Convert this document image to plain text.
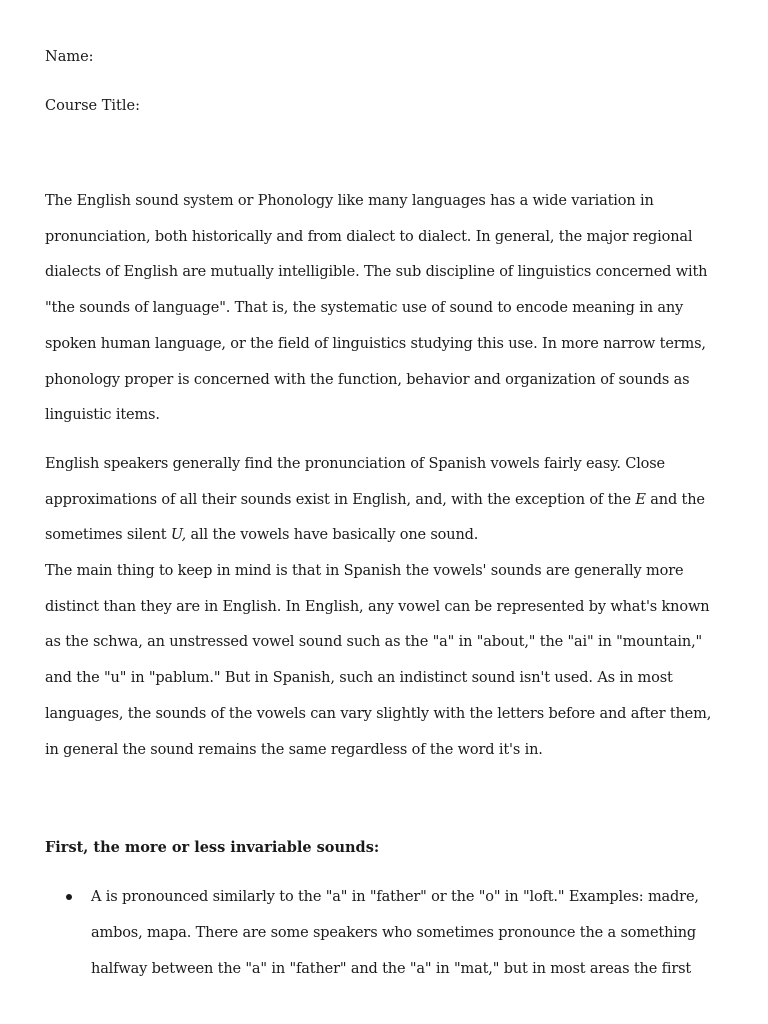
Name:
Course Title:
The English sound system or Phonology like many languages has a wide variation in pronunciation, both historically and from dialect to dialect. In general, the major regional dialects of English are mutually intelligible. The sub discipline of linguistics concerned with "the sounds of language". That is, the systematic use of sound to encode meaning in any spoken human language, or the field of linguistics studying this use. In more narrow terms, phonology proper is concerned with the function, behavior and organization of sounds as linguistic items.
English speakers generally find the pronunciation of Spanish vowels fairly easy. Close approximations of all their sounds exist in English, and, with the exception of the E and the sometimes silent U, all the vowels have basically one sound.
The main thing to keep in mind is that in Spanish the vowels' sounds are generally more distinct than they are in English. In English, any vowel can be represented by what's known as the schwa, an unstressed vowel sound such as the "a" in "about," the "ai" in "mountain," and the "u" in "pablum." But in Spanish, such an indistinct sound isn't used. As in most languages, the sounds of the vowels can vary slightly with the letters before and after them, in general the sound remains the same regardless of the word it's in.
First, the more or less invariable sounds:
A is pronounced similarly to the "a" in "father" or the "o" in "loft." Examples: madre, ambos, mapa. There are some speakers who sometimes pronounce the a something halfway between the "a" in "father" and the "a" in "mat," but in most areas the first
